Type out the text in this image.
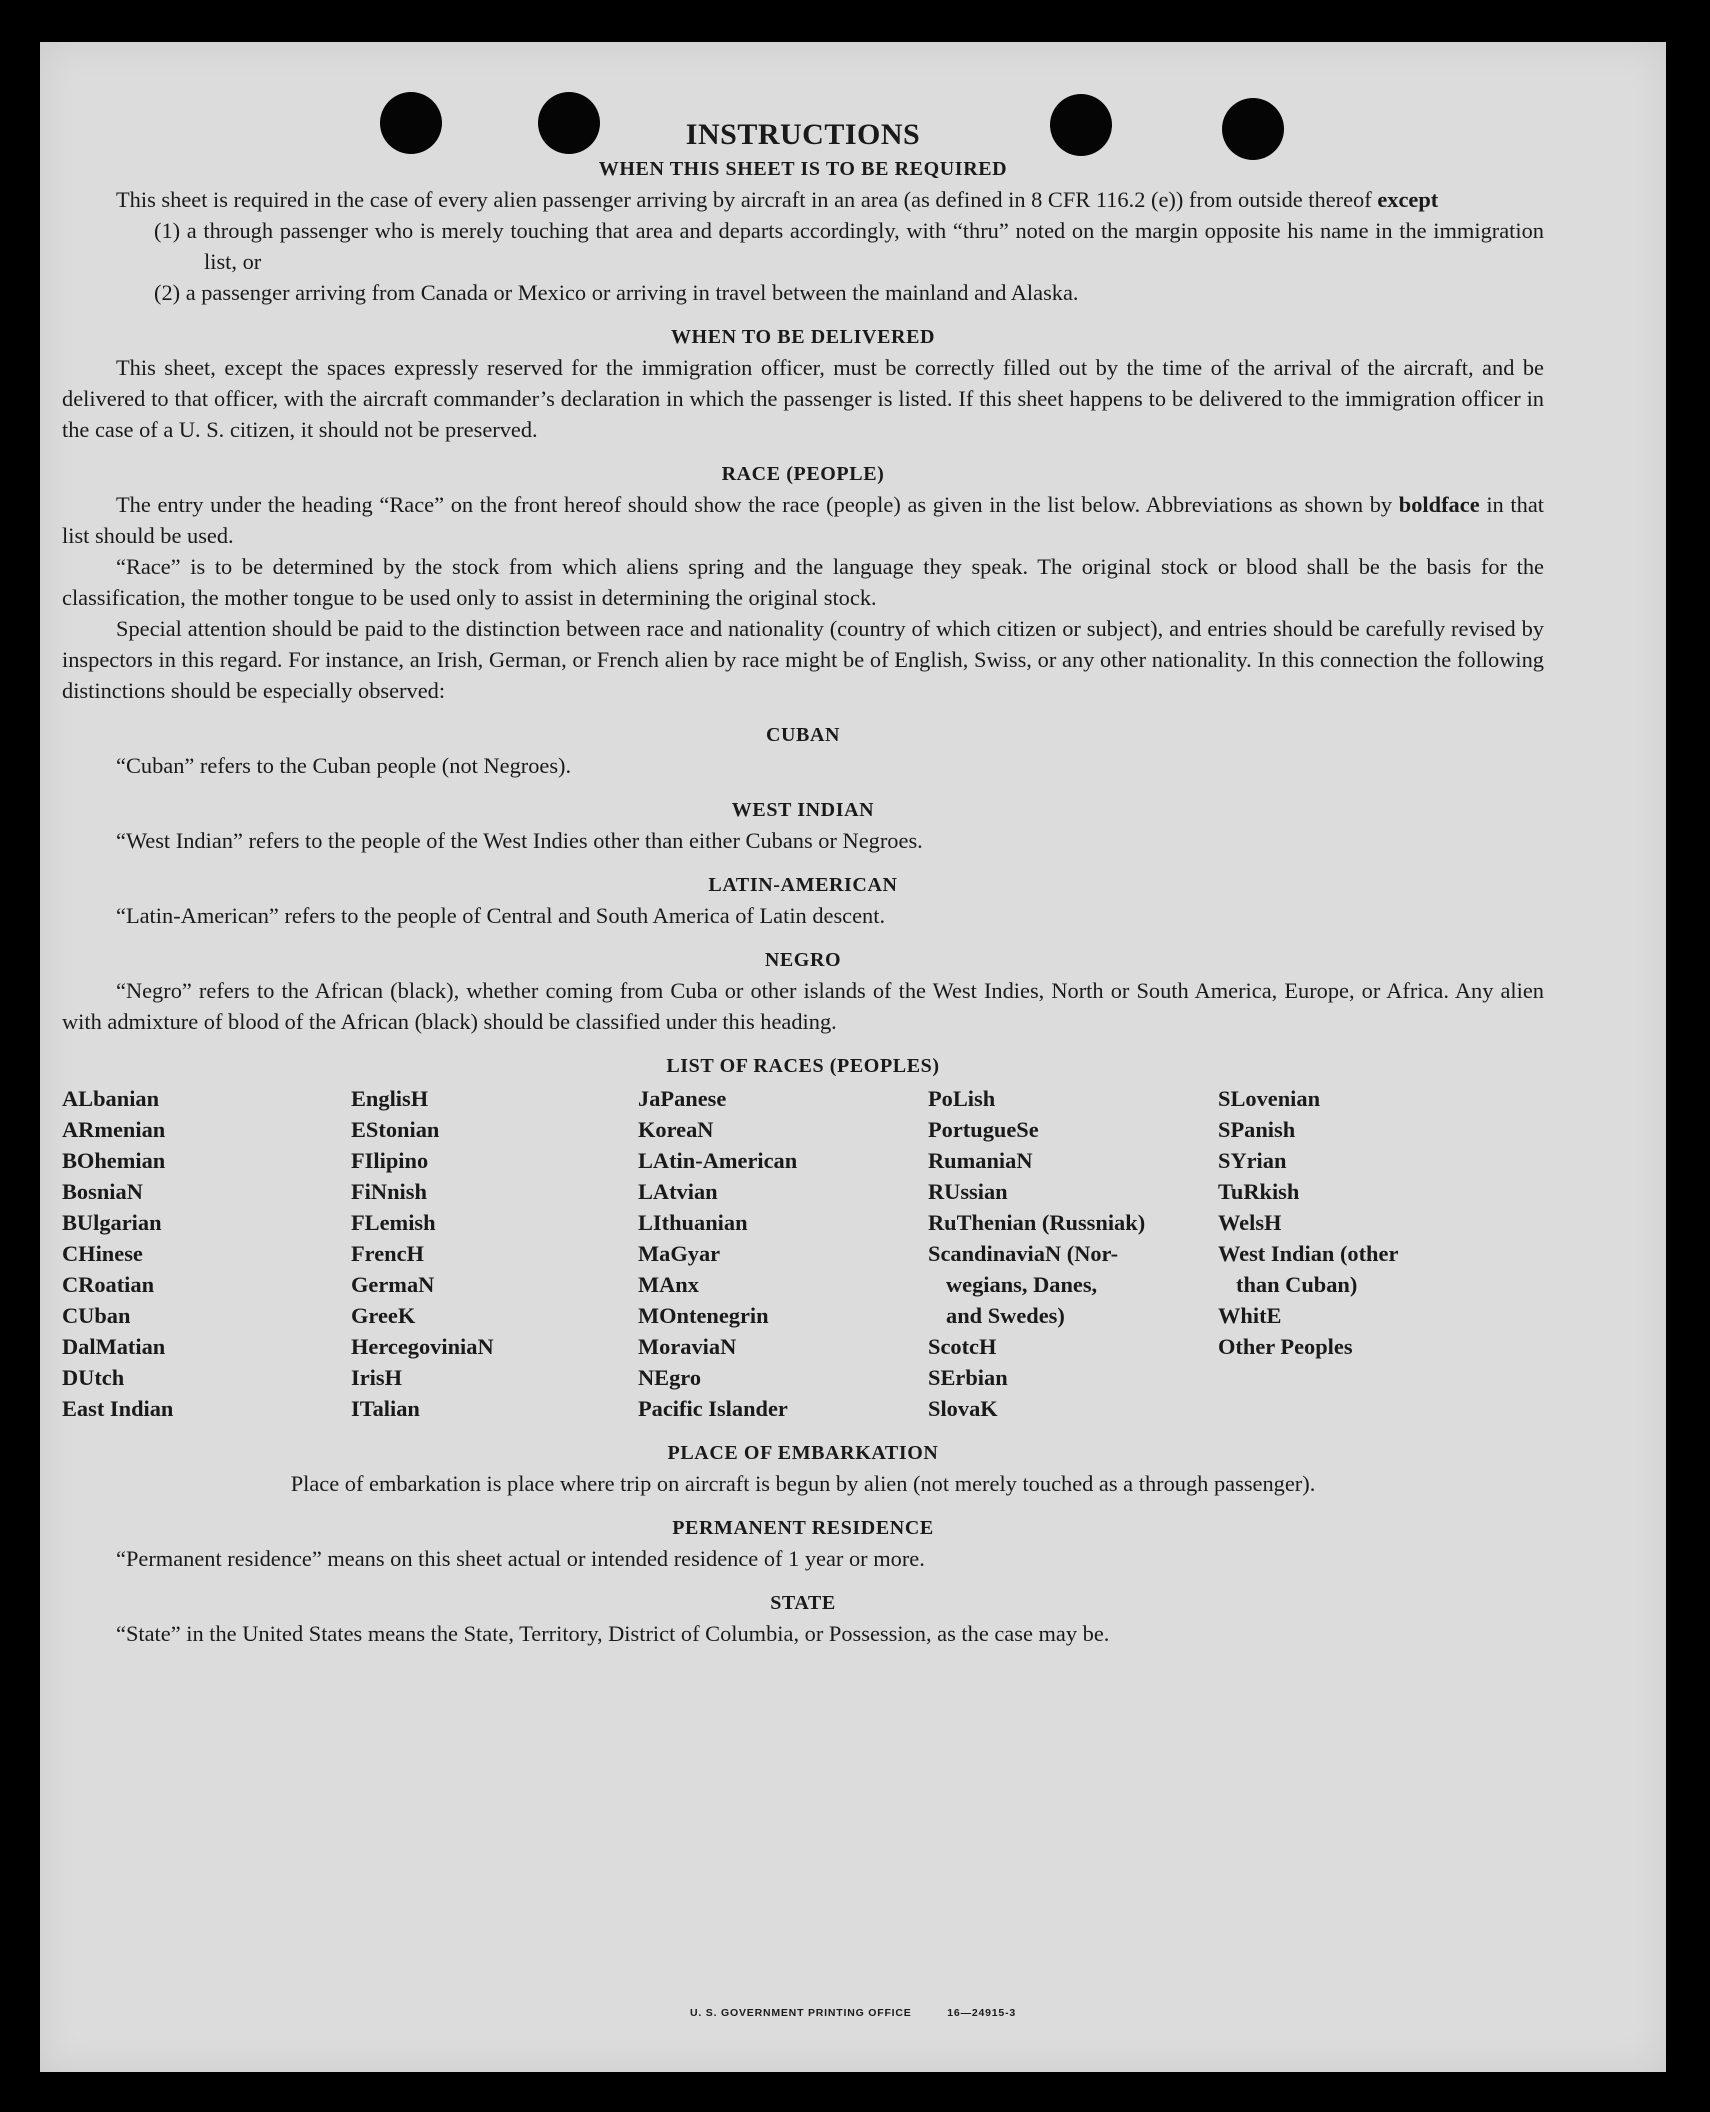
INSTRUCTIONS
WHEN THIS SHEET IS TO BE REQUIRED

This sheet is required in the case of every alien passenger arriving by aircraft in an area (as defined in 8 CFR 116.2 (e)) from outside thereof except

(1) a through passenger who is merely touching that area and departs accordingly, with “thru” noted on the margin opposite his name in the immigration list, or

(2) a passenger arriving from Canada or Mexico or arriving in travel between the mainland and Alaska.

WHEN TO BE DELIVERED

This sheet, except the spaces expressly reserved for the immigration officer, must be correctly filled out by the time of the arrival of the aircraft, and be delivered to that officer, with the aircraft commander’s declaration in which the passenger is listed. If this sheet happens to be delivered to the immigration officer in the case of a U. S. citizen, it should not be preserved.

RACE (PEOPLE)

The entry under the heading “Race” on the front hereof should show the race (people) as given in the list below. Abbreviations as shown by boldface in that list should be used.

“Race” is to be determined by the stock from which aliens spring and the language they speak. The original stock or blood shall be the basis for the classification, the mother tongue to be used only to assist in determining the original stock.

Special attention should be paid to the distinction between race and nationality (country of which citizen or subject), and entries should be carefully revised by inspectors in this regard. For instance, an Irish, German, or French alien by race might be of English, Swiss, or any other nationality. In this connection the following distinctions should be especially observed:

CUBAN

“Cuban” refers to the Cuban people (not Negroes).

WEST INDIAN

“West Indian” refers to the people of the West Indies other than either Cubans or Negroes.

LATIN-AMERICAN

“Latin-American” refers to the people of Central and South America of Latin descent.

NEGRO

“Negro” refers to the African (black), whether coming from Cuba or other islands of the West Indies, North or South America, Europe, or Africa. Any alien with admixture of blood of the African (black) should be classified under this heading.

LIST OF RACES (PEOPLES)
ALbanian
ARmenian
BOhemian
BosniaN
BUlgarian
CHinese
CRoatian
CUban
DalMatian
DUtch
East Indian
EnglisH
EStonian
FIlipino
FiNnish
FLemish
FrencH
GermaN
GreeK
HercegoviniaN
IrisH
ITalian
JaPanese
KoreaN
LAtin-American
LAtvian
LIthuanian
MaGyar
MAnx
MOntenegrin
MoraviaN
NEgro
Pacific Islander
PoLish
PortugueSe
RumaniaN
RUssian
RuThenian (Russniak)
ScandinaviaN (Nor-
wegians, Danes,
and Swedes)
ScotcH
SErbian
SlovaK
SLovenian
SPanish
SYrian
TuRkish
WelsH
West Indian (other
than Cuban)
WhitE
Other Peoples
PLACE OF EMBARKATION

Place of embarkation is place where trip on aircraft is begun by alien (not merely touched as a through passenger).

PERMANENT RESIDENCE

“Permanent residence” means on this sheet actual or intended residence of 1 year or more.

STATE

“State” in the United States means the State, Territory, District of Columbia, or Possession, as the case may be.

U. S. GOVERNMENT PRINTING OFFICE	16—24915-3
